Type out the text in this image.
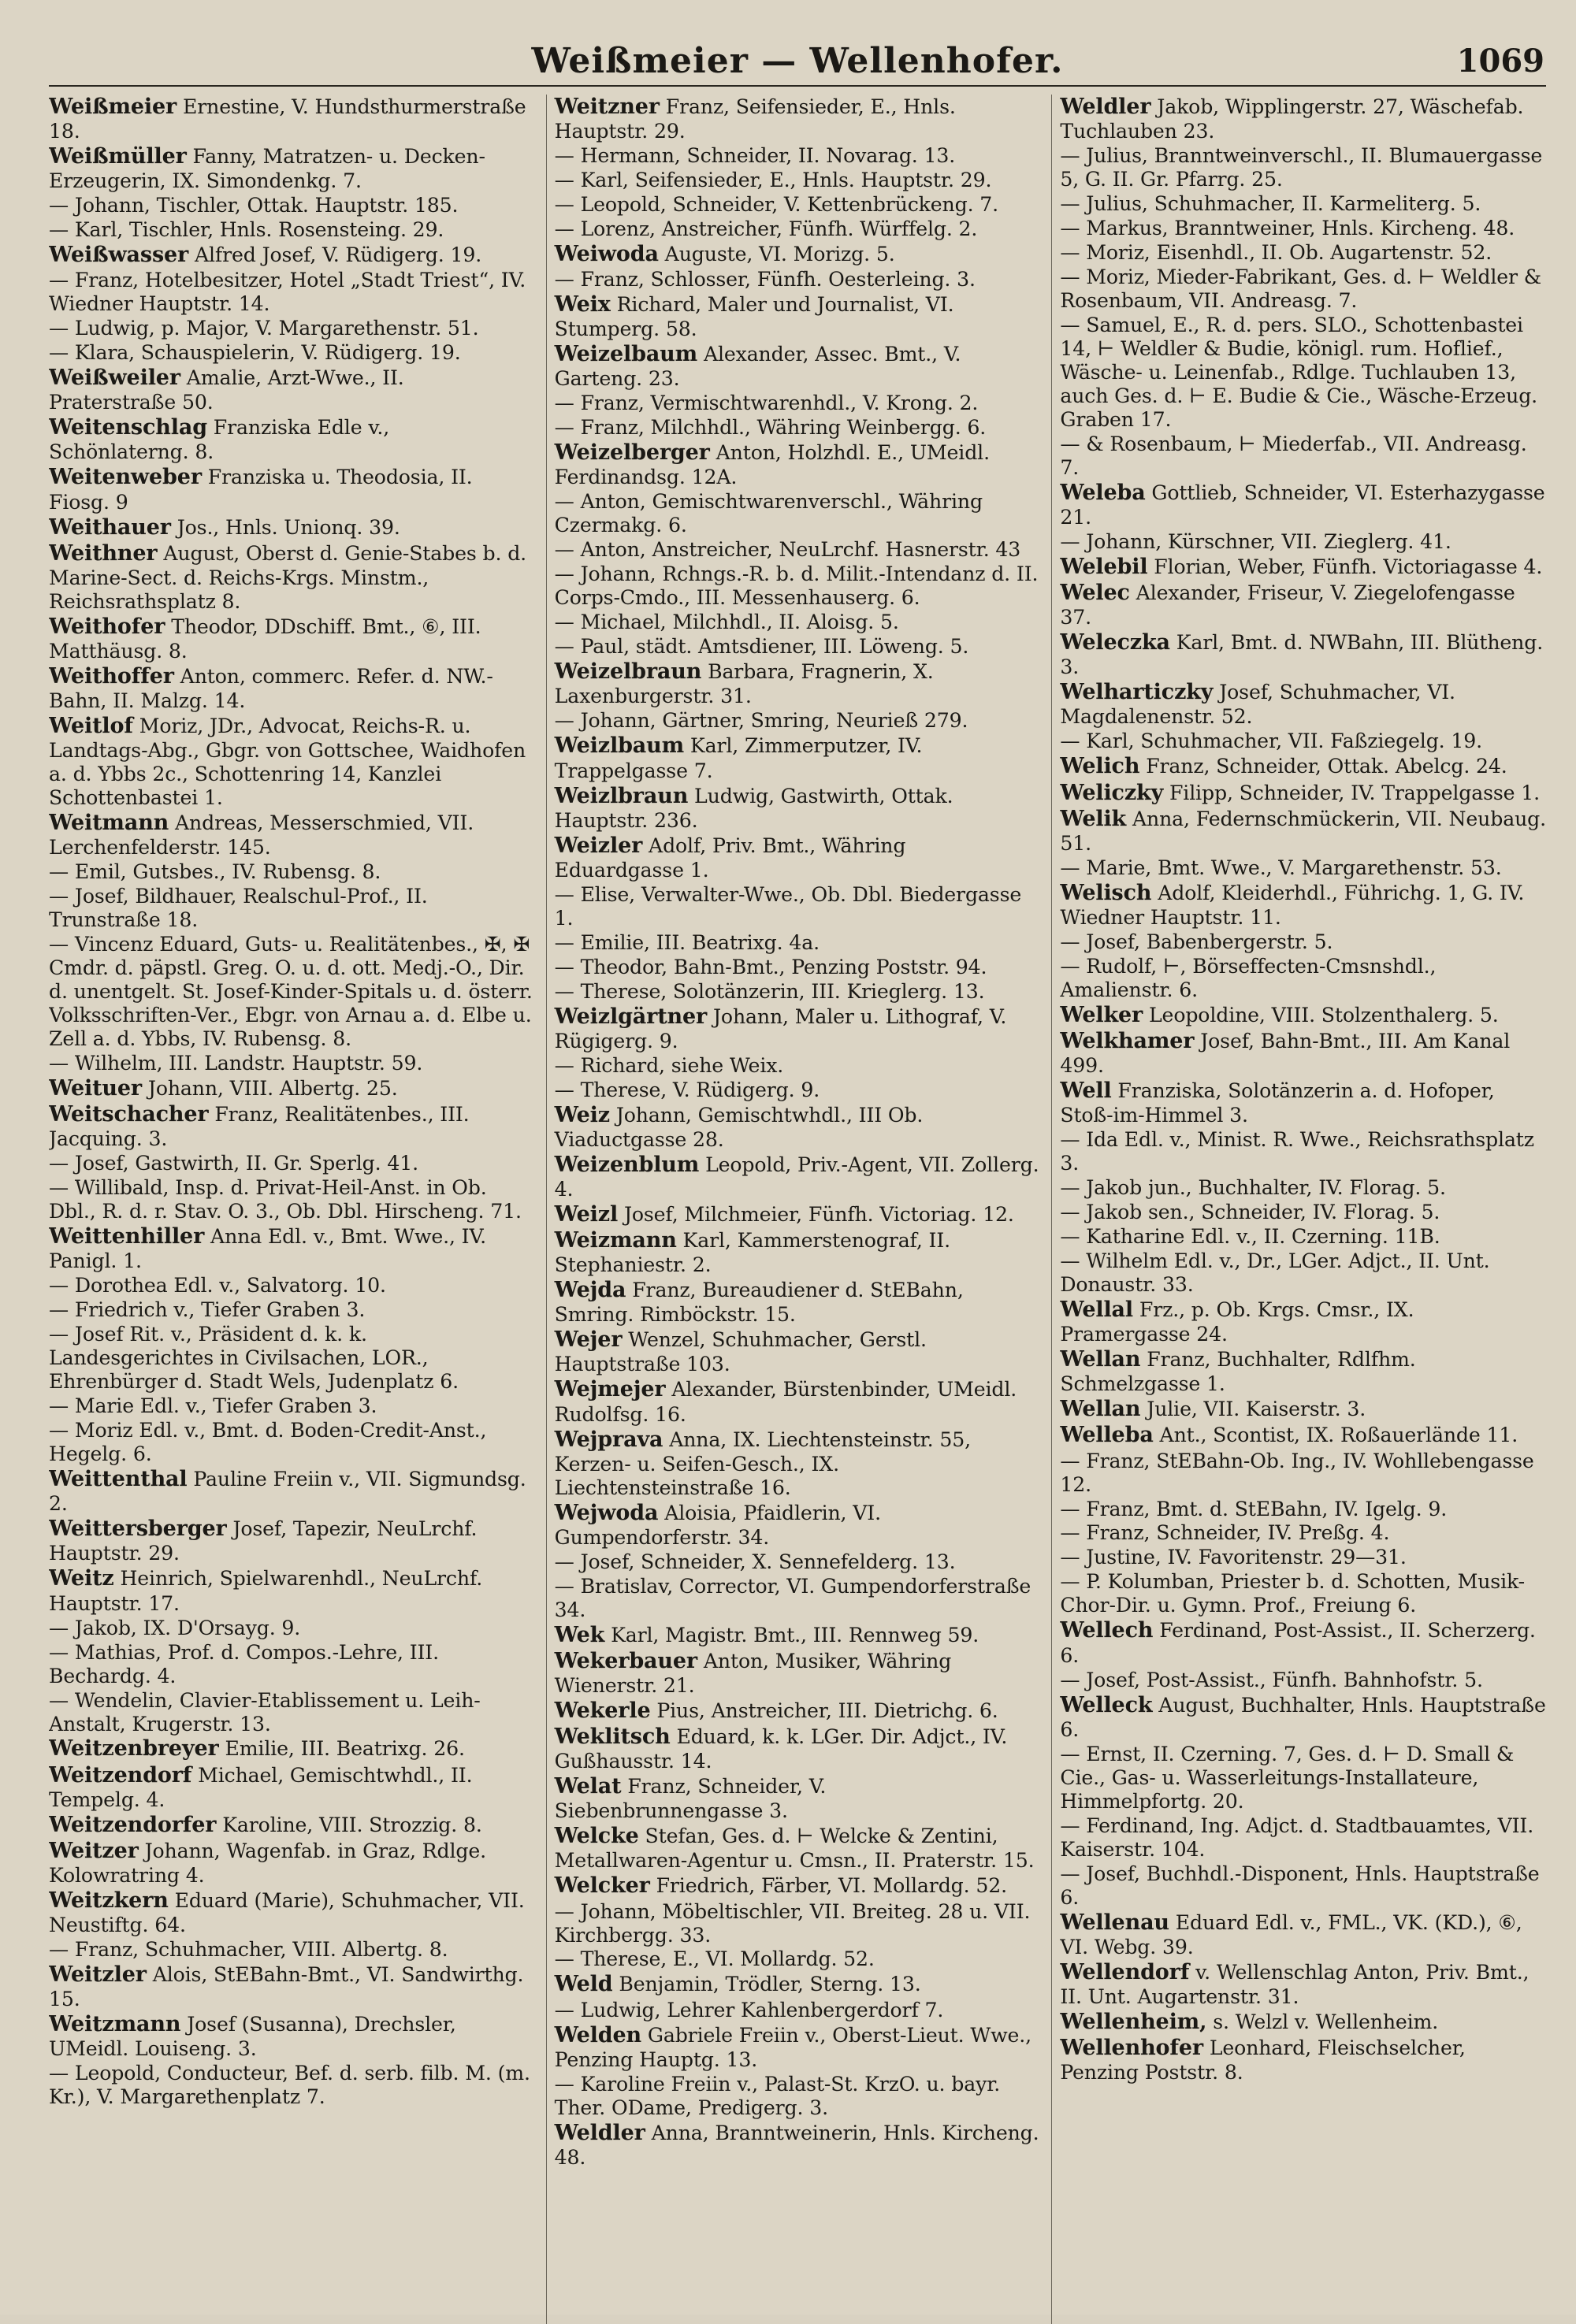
Weißmeier — Wellenhofer.	1069
Weißmeier Ernestine, V. Hundsthurmerstraße 18.
Weißmüller Fanny, Matratzen- u. Decken-Erzeugerin, IX. Simondenkg. 7.
— Johann, Tischler, Ottak. Hauptstr. 185.
— Karl, Tischler, Hnls. Rosensteing. 29.
Weißwasser Alfred Josef, V. Rüdigerg. 19.
— Franz, Hotelbesitzer, Hotel „Stadt Triest“, IV. Wiedner Hauptstr. 14.
— Ludwig, p. Major, V. Margarethenstr. 51.
— Klara, Schauspielerin, V. Rüdigerg. 19.
Weißweiler Amalie, Arzt-Wwe., II. Praterstraße 50.
Weitenschlag Franziska Edle v., Schönlaterng. 8.
Weitenweber Franziska u. Theodosia, II. Fiosg. 9
Weithauer Jos., Hnls. Unionq. 39.
Weithner August, Oberst d. Genie-Stabes b. d. Marine-Sect. d. Reichs-Krgs. Minstm., Reichsrathsplatz 8.
Weithofer Theodor, DDschiff. Bmt., ⑥, III. Matthäusg. 8.
Weithoffer Anton, commerc. Refer. d. NW.-Bahn, II. Malzg. 14.
Weitlof Moriz, JDr., Advocat, Reichs-R. u. Landtags-Abg., Gbgr. von Gottschee, Waidhofen a. d. Ybbs 2c., Schottenring 14, Kanzlei Schottenbastei 1.
Weitmann Andreas, Messerschmied, VII. Lerchenfelderstr. 145.
— Emil, Gutsbes., IV. Rubensg. 8.
— Josef, Bildhauer, Realschul-Prof., II. Trunstraße 18.
— Vincenz Eduard, Guts- u. Realitätenbes., ✠, ✠ Cmdr. d. päpstl. Greg. O. u. d. ott. Medj.-O., Dir. d. unentgelt. St. Josef-Kinder-Spitals u. d. österr. Volksschriften-Ver., Ebgr. von Arnau a. d. Elbe u. Zell a. d. Ybbs, IV. Rubensg. 8.
— Wilhelm, III. Landstr. Hauptstr. 59.
Weituer Johann, VIII. Albertg. 25.
Weitschacher Franz, Realitätenbes., III. Jacquing. 3.
— Josef, Gastwirth, II. Gr. Sperlg. 41.
— Willibald, Insp. d. Privat-Heil-Anst. in Ob. Dbl., R. d. r. Stav. O. 3., Ob. Dbl. Hirscheng. 71.
Weittenhiller Anna Edl. v., Bmt. Wwe., IV. Panigl. 1.
— Dorothea Edl. v., Salvatorg. 10.
— Friedrich v., Tiefer Graben 3.
— Josef Rit. v., Präsident d. k. k. Landesgerichtes in Civilsachen, LOR., Ehrenbürger d. Stadt Wels, Judenplatz 6.
— Marie Edl. v., Tiefer Graben 3.
— Moriz Edl. v., Bmt. d. Boden-Credit-Anst., Hegelg. 6.
Weittenthal Pauline Freiin v., VII. Sigmundsg. 2.
Weittersberger Josef, Tapezir, NeuLrchf. Hauptstr. 29.
Weitz Heinrich, Spielwarenhdl., NeuLrchf. Hauptstr. 17.
— Jakob, IX. D'Orsayg. 9.
— Mathias, Prof. d. Compos.-Lehre, III. Bechardg. 4.
— Wendelin, Clavier-Etablissement u. Leih-Anstalt, Krugerstr. 13.
Weitzenbreyer Emilie, III. Beatrixg. 26.
Weitzendorf Michael, Gemischtwhdl., II. Tempelg. 4.
Weitzendorfer Karoline, VIII. Strozzig. 8.
Weitzer Johann, Wagenfab. in Graz, Rdlge. Kolowratring 4.
Weitzkern Eduard (Marie), Schuhmacher, VII. Neustiftg. 64.
— Franz, Schuhmacher, VIII. Albertg. 8.
Weitzler Alois, StEBahn-Bmt., VI. Sandwirthg. 15.
Weitzmann Josef (Susanna), Drechsler, UMeidl. Louiseng. 3.
— Leopold, Conducteur, Bef. d. serb. filb. M. (m. Kr.), V. Margarethenplatz 7.
Weitzner Franz, Seifensieder, E., Hnls. Hauptstr. 29.
— Hermann, Schneider, II. Novarag. 13.
— Karl, Seifensieder, E., Hnls. Hauptstr. 29.
— Leopold, Schneider, V. Kettenbrückeng. 7.
— Lorenz, Anstreicher, Fünfh. Würffelg. 2.
Weiwoda Auguste, VI. Morizg. 5.
— Franz, Schlosser, Fünfh. Oesterleing. 3.
Weix Richard, Maler und Journalist, VI. Stumperg. 58.
Weizelbaum Alexander, Assec. Bmt., V. Garteng. 23.
— Franz, Vermischtwarenhdl., V. Krong. 2.
— Franz, Milchhdl., Währing Weinbergg. 6.
Weizelberger Anton, Holzhdl. E., UMeidl. Ferdinandsg. 12A.
— Anton, Gemischtwarenverschl., Währing Czermakg. 6.
— Anton, Anstreicher, NeuLrchf. Hasnerstr. 43
— Johann, Rchngs.-R. b. d. Milit.-Intendanz d. II. Corps-Cmdo., III. Messenhauserg. 6.
— Michael, Milchhdl., II. Aloisg. 5.
— Paul, städt. Amtsdiener, III. Löweng. 5.
Weizelbraun Barbara, Fragnerin, X. Laxenburgerstr. 31.
— Johann, Gärtner, Smring, Neurieß 279.
Weizlbaum Karl, Zimmerputzer, IV. Trappelgasse 7.
Weizlbraun Ludwig, Gastwirth, Ottak. Hauptstr. 236.
Weizler Adolf, Priv. Bmt., Währing Eduardgasse 1.
— Elise, Verwalter-Wwe., Ob. Dbl. Biedergasse 1.
— Emilie, III. Beatrixg. 4a.
— Theodor, Bahn-Bmt., Penzing Poststr. 94.
— Therese, Solotänzerin, III. Krieglerg. 13.
Weizlgärtner Johann, Maler u. Lithograf, V. Rügigerg. 9.
— Richard, siehe Weix.
— Therese, V. Rüdigerg. 9.
Weiz Johann, Gemischtwhdl., III Ob. Viaductgasse 28.
Weizenblum Leopold, Priv.-Agent, VII. Zollerg. 4.
Weizl Josef, Milchmeier, Fünfh. Victoriag. 12.
Weizmann Karl, Kammerstenograf, II. Stephaniestr. 2.
Wejda Franz, Bureaudiener d. StEBahn, Smring. Rimböckstr. 15.
Wejer Wenzel, Schuhmacher, Gerstl. Hauptstraße 103.
Wejmejer Alexander, Bürstenbinder, UMeidl. Rudolfsg. 16.
Wejprava Anna, IX. Liechtensteinstr. 55, Kerzen- u. Seifen-Gesch., IX. Liechtensteinstraße 16.
Wejwoda Aloisia, Pfaidlerin, VI. Gumpendorferstr. 34.
— Josef, Schneider, X. Sennefelderg. 13.
— Bratislav, Corrector, VI. Gumpendorferstraße 34.
Wek Karl, Magistr. Bmt., III. Rennweg 59.
Wekerbauer Anton, Musiker, Währing Wienerstr. 21.
Wekerle Pius, Anstreicher, III. Dietrichg. 6.
Weklitsch Eduard, k. k. LGer. Dir. Adjct., IV. Gußhausstr. 14.
Welat Franz, Schneider, V. Siebenbrunnengasse 3.
Welcke Stefan, Ges. d. ⊢ Welcke & Zentini, Metallwaren-Agentur u. Cmsn., II. Praterstr. 15.
Welcker Friedrich, Färber, VI. Mollardg. 52.
— Johann, Möbeltischler, VII. Breiteg. 28 u. VII. Kirchbergg. 33.
— Therese, E., VI. Mollardg. 52.
Weld Benjamin, Trödler, Sterng. 13.
— Ludwig, Lehrer Kahlenbergerdorf 7.
Welden Gabriele Freiin v., Oberst-Lieut. Wwe., Penzing Hauptg. 13.
— Karoline Freiin v., Palast-St. KrzO. u. bayr. Ther. ODame, Predigerg. 3.
Weldler Anna, Branntweinerin, Hnls. Kircheng. 48.
Weldler Jakob, Wipplingerstr. 27, Wäschefab. Tuchlauben 23.
— Julius, Branntweinverschl., II. Blumauergasse 5, G. II. Gr. Pfarrg. 25.
— Julius, Schuhmacher, II. Karmeliterg. 5.
— Markus, Branntweiner, Hnls. Kircheng. 48.
— Moriz, Eisenhdl., II. Ob. Augartenstr. 52.
— Moriz, Mieder-Fabrikant, Ges. d. ⊢ Weldler & Rosenbaum, VII. Andreasg. 7.
— Samuel, E., R. d. pers. SLO., Schottenbastei 14, ⊢ Weldler & Budie, königl. rum. Hoflief., Wäsche- u. Leinenfab., Rdlge. Tuchlauben 13, auch Ges. d. ⊢ E. Budie & Cie., Wäsche-Erzeug. Graben 17.
— & Rosenbaum, ⊢ Miederfab., VII. Andreasg. 7.
Weleba Gottlieb, Schneider, VI. Esterhazygasse 21.
— Johann, Kürschner, VII. Zieglerg. 41.
Welebil Florian, Weber, Fünfh. Victoriagasse 4.
Welec Alexander, Friseur, V. Ziegelofengasse 37.
Weleczka Karl, Bmt. d. NWBahn, III. Blütheng. 3.
Welharticzky Josef, Schuhmacher, VI. Magdalenenstr. 52.
— Karl, Schuhmacher, VII. Faßziegelg. 19.
Welich Franz, Schneider, Ottak. Abelcg. 24.
Weliczky Filipp, Schneider, IV. Trappelgasse 1.
Welik Anna, Federnschmückerin, VII. Neubaug. 51.
— Marie, Bmt. Wwe., V. Margarethenstr. 53.
Welisch Adolf, Kleiderhdl., Führichg. 1, G. IV. Wiedner Hauptstr. 11.
— Josef, Babenbergerstr. 5.
— Rudolf, ⊢, Börseffecten-Cmsnshdl., Amalienstr. 6.
Welker Leopoldine, VIII. Stolzenthalerg. 5.
Welkhamer Josef, Bahn-Bmt., III. Am Kanal 499.
Well Franziska, Solotänzerin a. d. Hofoper, Stoß-im-Himmel 3.
— Ida Edl. v., Minist. R. Wwe., Reichsrathsplatz 3.
— Jakob jun., Buchhalter, IV. Florag. 5.
— Jakob sen., Schneider, IV. Florag. 5.
— Katharine Edl. v., II. Czerning. 11B.
— Wilhelm Edl. v., Dr., LGer. Adjct., II. Unt. Donaustr. 33.
Wellal Frz., p. Ob. Krgs. Cmsr., IX. Pramergasse 24.
Wellan Franz, Buchhalter, Rdlfhm. Schmelzgasse 1.
Wellan Julie, VII. Kaiserstr. 3.
Welleba Ant., Scontist, IX. Roßauerlände 11.
— Franz, StEBahn-Ob. Ing., IV. Wohllebengasse 12.
— Franz, Bmt. d. StEBahn, IV. Igelg. 9.
— Franz, Schneider, IV. Preßg. 4.
— Justine, IV. Favoritenstr. 29—31.
— P. Kolumban, Priester b. d. Schotten, Musik-Chor-Dir. u. Gymn. Prof., Freiung 6.
Wellech Ferdinand, Post-Assist., II. Scherzerg. 6.
— Josef, Post-Assist., Fünfh. Bahnhofstr. 5.
Welleck August, Buchhalter, Hnls. Hauptstraße 6.
— Ernst, II. Czerning. 7, Ges. d. ⊢ D. Small & Cie., Gas- u. Wasserleitungs-Installateure, Himmelpfortg. 20.
— Ferdinand, Ing. Adjct. d. Stadtbauamtes, VII. Kaiserstr. 104.
— Josef, Buchhdl.-Disponent, Hnls. Hauptstraße 6.
Wellenau Eduard Edl. v., FML., VK. (KD.), ⑥, VI. Webg. 39.
Wellendorf v. Wellenschlag Anton, Priv. Bmt., II. Unt. Augartenstr. 31.
Wellenheim, s. Welzl v. Wellenheim.
Wellenhofer Leonhard, Fleischselcher, Penzing Poststr. 8.
